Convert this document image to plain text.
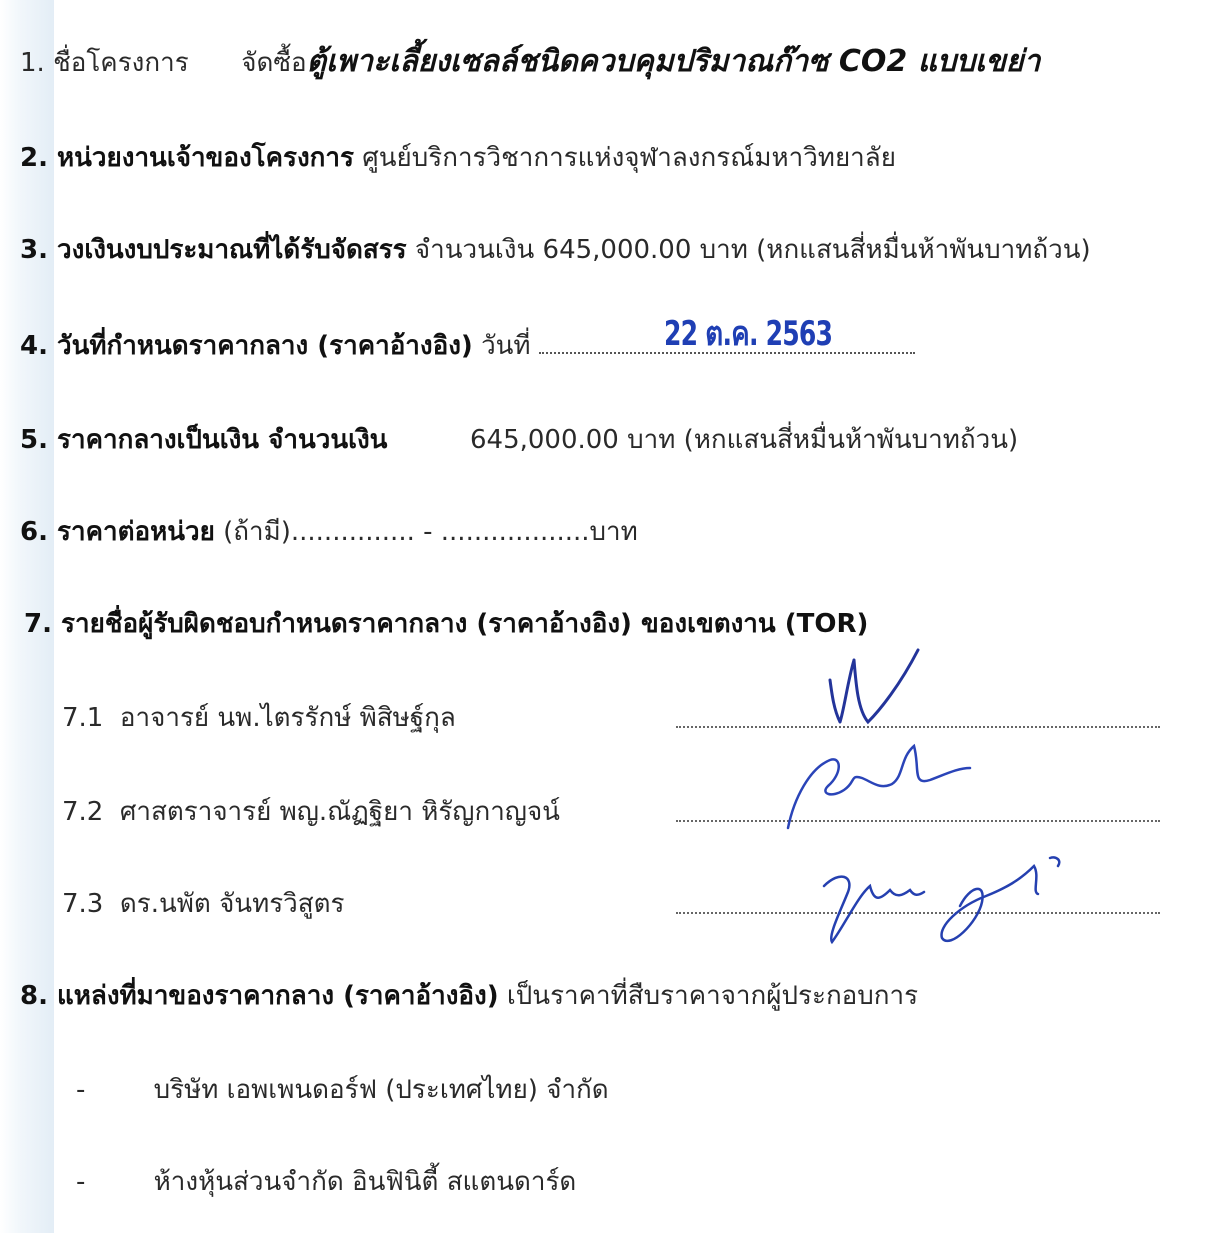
1. ชื่อโครงการ จัดซื้อตู้เพาะเลี้ยงเซลล์ชนิดควบคุมปริมาณก๊าซ CO2 แบบเขย่า
2. หน่วยงานเจ้าของโครงการ ศูนย์บริการวิชาการแห่งจุฬาลงกรณ์มหาวิทยาลัย
3. วงเงินงบประมาณที่ได้รับจัดสรร จำนวนเงิน 645,000.00 บาท (หกแสนสี่หมื่นห้าพันบาทถ้วน)
4. วันที่กำหนดราคากลาง (ราคาอ้างอิง) วันที่	22 ต.ค. 2563
5. ราคากลางเป็นเงิน จำนวนเงิน	645,000.00 บาท (หกแสนสี่หมื่นห้าพันบาทถ้วน)
6. ราคาต่อหน่วย (ถ้ามี)............... - ..................บาท
7. รายชื่อผู้รับผิดชอบกำหนดราคากลาง (ราคาอ้างอิง) ของเขตงาน (TOR)
7.1 อาจารย์ นพ.ไตรรักษ์ พิสิษฐ์กุล
7.2 ศาสตราจารย์ พญ.ณัฏฐิยา หิรัญกาญจน์
7.3 ดร.นพัต จันทรวิสูตร
8. แหล่งที่มาของราคากลาง (ราคาอ้างอิง) เป็นราคาที่สืบราคาจากผู้ประกอบการ
-	บริษัท เอพเพนดอร์ฟ (ประเทศไทย) จำกัด
-	ห้างหุ้นส่วนจำกัด อินฟินิตี้ สแตนดาร์ด
